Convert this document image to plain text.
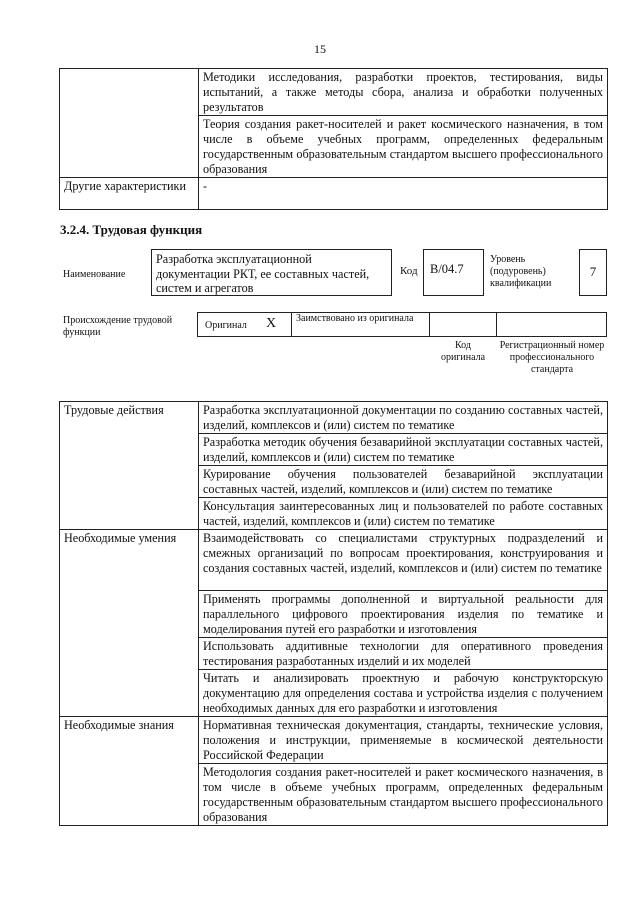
15
	Методики исследования, разработки проектов, тестирования, виды испытаний, а также методы сбора, анализа и обработки полученных результатов
	Теория создания ракет-носителей и ракет космического назначения, в том числе в объеме учебных программ, определенных федеральным государственным образовательным стандартом высшего профессионального образования
Другие характеристики	-
3.2.4. Трудовая функция
Наименование
Разработка эксплуатационной документации РКТ, ее составных частей, систем и агрегатов
Код B/04.7
Уровень (подуровень) квалификации
7
Происхождение трудовой функции
Оригинал X Заимствовано из оригинала
Код оригинала
Регистрационный номер профессионального стандарта
Трудовые действия	Разработка эксплуатационной документации по созданию составных частей, изделий, комплексов и (или) систем по тематике
	Разработка методик обучения безаварийной эксплуатации составных частей, изделий, комплексов и (или) систем по тематике
	Курирование обучения пользователей безаварийной эксплуатации составных частей, изделий, комплексов и (или) систем по тематике
	Консультация заинтересованных лиц и пользователей по работе составных частей, изделий, комплексов и (или) систем по тематике
Необходимые умения	Взаимодействовать со специалистами структурных подразделений и смежных организаций по вопросам проектирования, конструирования и создания составных частей, изделий, комплексов и (или) систем по тематике
	Применять программы дополненной и виртуальной реальности для параллельного цифрового проектирования изделия по тематике и моделирования путей его разработки и изготовления
	Использовать аддитивные технологии для оперативного проведения тестирования разработанных изделий и их моделей
	Читать и анализировать проектную и рабочую конструкторскую документацию для определения состава и устройства изделия с получением необходимых данных для его разработки и изготовления
Необходимые знания	Нормативная техническая документация, стандарты, технические условия, положения и инструкции, применяемые в космической деятельности Российской Федерации
	Методология создания ракет-носителей и ракет космического назначения, в том числе в объеме учебных программ, определенных федеральным государственным образовательным стандартом высшего профессионального образования
